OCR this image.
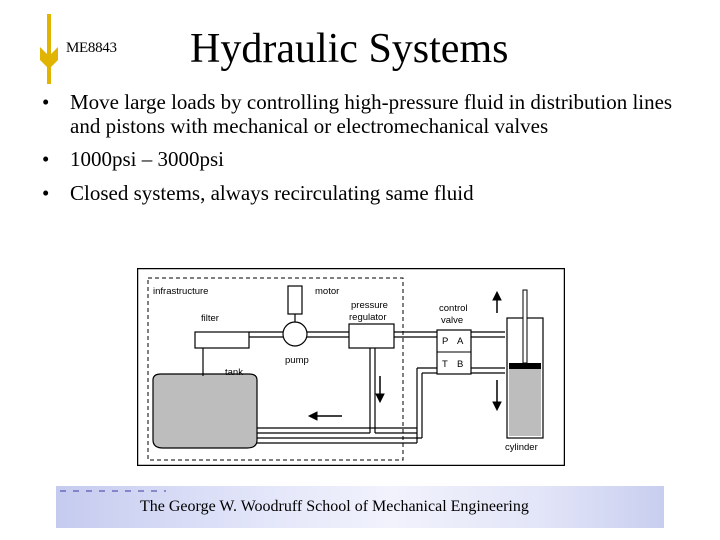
ME8843 Hydraulic Systems
• Move large loads by controlling high-pressure fluid in distribution lines and pistons with mechanical or electromechanical valves
• 1000psi – 3000psi
• Closed systems, always recirculating same fluid
tank
filter
infrastructure	motor
pump
pressure
regulator
P A
T B
control
valve
cylinder
The George W. Woodruff School of Mechanical Engineering
